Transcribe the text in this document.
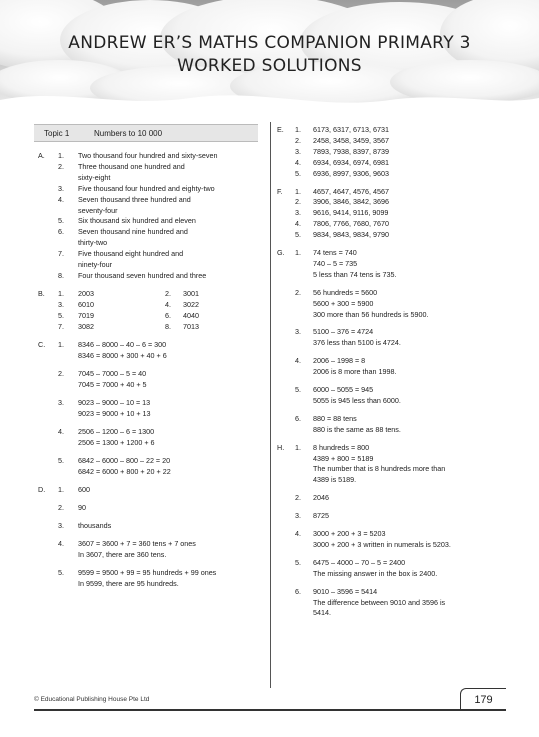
ANDREW ER’S MATHS COMPANION PRIMARY 3
WORKED SOLUTIONS
Topic 1	Numbers to 10 000
A. 1. Two thousand four hundred and sixty-seven
2. Three thousand one hundred and
sixty-eight
3. Five thousand four hundred and eighty-two
4. Seven thousand three hundred and
seventy-four
5. Six thousand six hundred and eleven
6. Seven thousand nine hundred and
thirty-two
7. Five thousand eight hundred and
ninety-four
8. Four thousand seven hundred and three
B. 1. 2003	2. 3001
3. 6010	4. 3022
5. 7019	6. 4040
7. 3082	8. 7013
C. 1. 8346 – 8000 – 40 – 6 = 300
8346 = 8000 + 300 + 40 + 6
2. 7045 – 7000 – 5 = 40
7045 = 7000 + 40 + 5
3. 9023 – 9000 – 10 = 13
9023 = 9000 + 10 + 13
4. 2506 – 1200 – 6 = 1300
2506 = 1300 + 1200 + 6
5. 6842 – 6000 – 800 – 22 = 20
6842 = 6000 + 800 + 20 + 22
D. 1. 600
2. 90
3. thousands
4. 3607 = 3600 + 7 = 360 tens + 7 ones
In 3607, there are 360 tens.
5. 9599 = 9500 + 99 = 95 hundreds + 99 ones
In 9599, there are 95 hundreds.
E. 1. 6173, 6317, 6713, 6731
2. 2458, 3458, 3459, 3567
3. 7893, 7938, 8397, 8739
4. 6934, 6934, 6974, 6981
5. 6936, 8997, 9306, 9603
F. 1. 4657, 4647, 4576, 4567
2. 3906, 3846, 3842, 3696
3. 9616, 9414, 9116, 9099
4. 7806, 7766, 7680, 7670
5. 9834, 9843, 9834, 9790
G. 1. 74 tens = 740
740 – 5 = 735
5 less than 74 tens is 735.
2. 56 hundreds = 5600
5600 + 300 = 5900
300 more than 56 hundreds is 5900.
3. 5100 – 376 = 4724
376 less than 5100 is 4724.
4. 2006 – 1998 = 8
2006 is 8 more than 1998.
5. 6000 – 5055 = 945
5055 is 945 less than 6000.
6. 880 = 88 tens
880 is the same as 88 tens.
H. 1. 8 hundreds = 800
4389 + 800 = 5189
The number that is 8 hundreds more than
4389 is 5189.
2. 2046
3. 8725
4. 3000 + 200 + 3 = 5203
3000 + 200 + 3 written in numerals is 5203.
5. 6475 – 4000 – 70 – 5 = 2400
The missing answer in the box is 2400.
6. 9010 – 3596 = 5414
The difference between 9010 and 3596 is
5414.
© Educational Publishing House Pte Ltd	179
